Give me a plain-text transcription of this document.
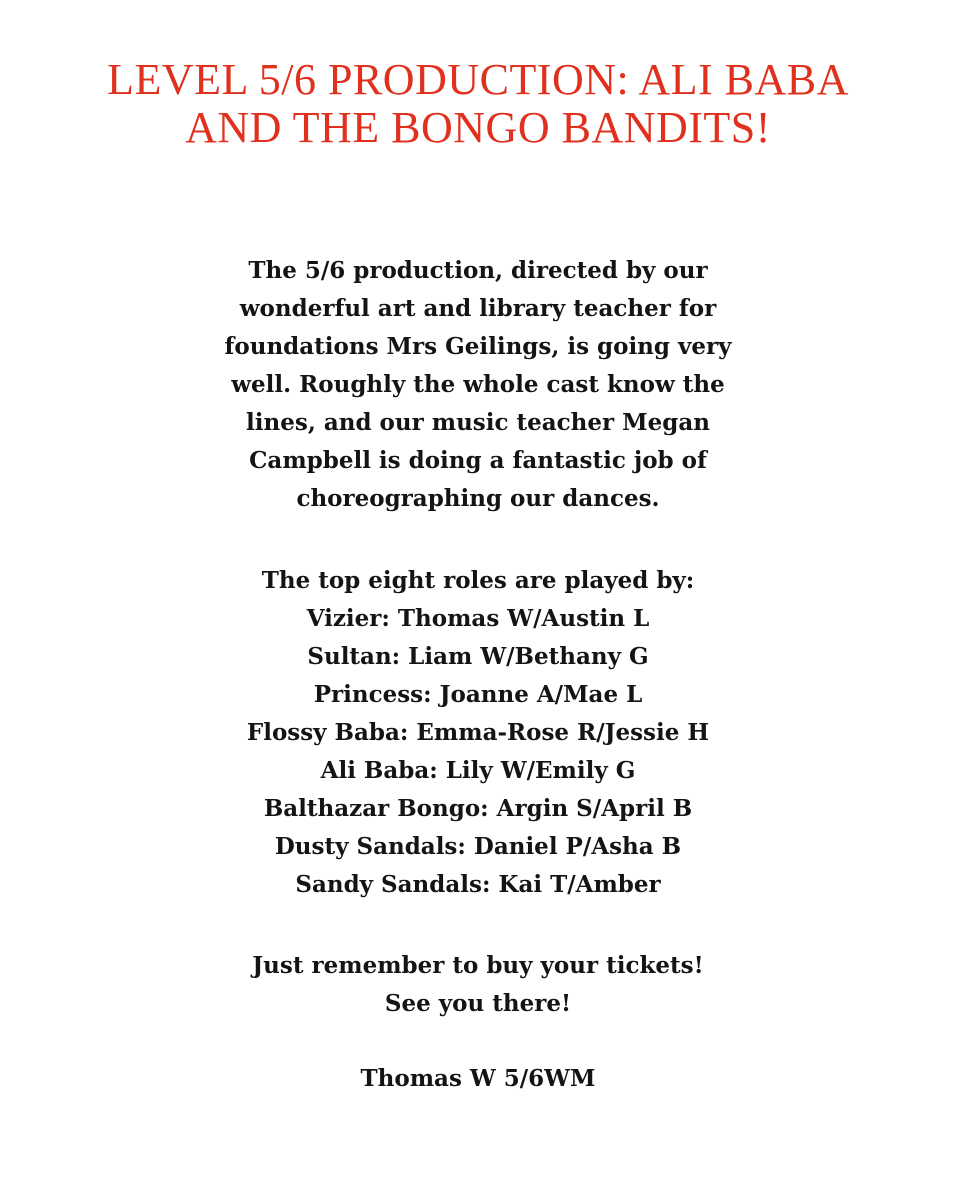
LEVEL 5/6 PRODUCTION: ALI BABA
AND THE BONGO BANDITS!

The 5/6 production, directed by our
wonderful art and library teacher for
foundations Mrs Geilings, is going very
well. Roughly the whole cast know the
lines, and our music teacher Megan
Campbell is doing a fantastic job of
choreographing our dances.

The top eight roles are played by:
Vizier: Thomas W/Austin L
Sultan: Liam W/Bethany G
Princess: Joanne A/Mae L
Flossy Baba: Emma-Rose R/Jessie H
Ali Baba: Lily W/Emily G
Balthazar Bongo: Argin S/April B
Dusty Sandals: Daniel P/Asha B
Sandy Sandals: Kai T/Amber

Just remember to buy your tickets!
See you there!

Thomas W 5/6WM
